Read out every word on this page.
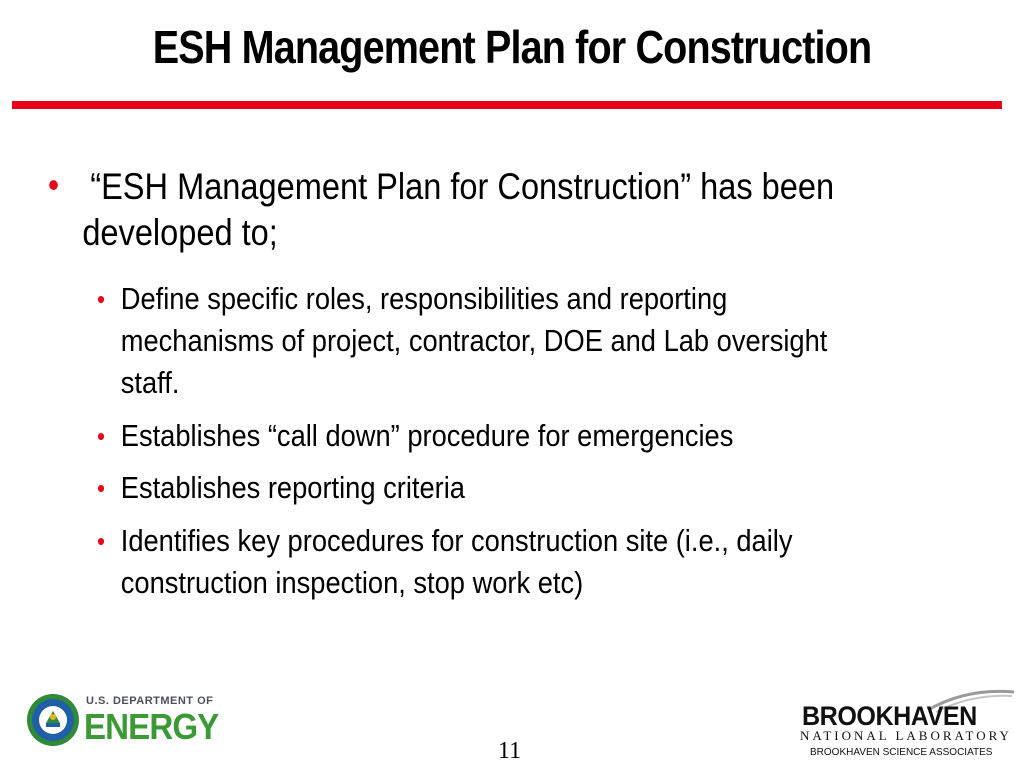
ESH Management Plan for Construction
• “ESH Management Plan for Construction” has been
developed to;
• Define specific roles, responsibilities and reporting
mechanisms of project, contractor, DOE and Lab oversight
staff.
• Establishes “call down” procedure for emergencies
• Establishes reporting criteria
• Identifies key procedures for construction site (i.e., daily
construction inspection, stop work etc)
U.S. DEPARTMENT OF
ENERGY
11
BROOKHAVEN
NATIONAL LABORATORY
BROOKHAVEN SCIENCE ASSOCIATES
